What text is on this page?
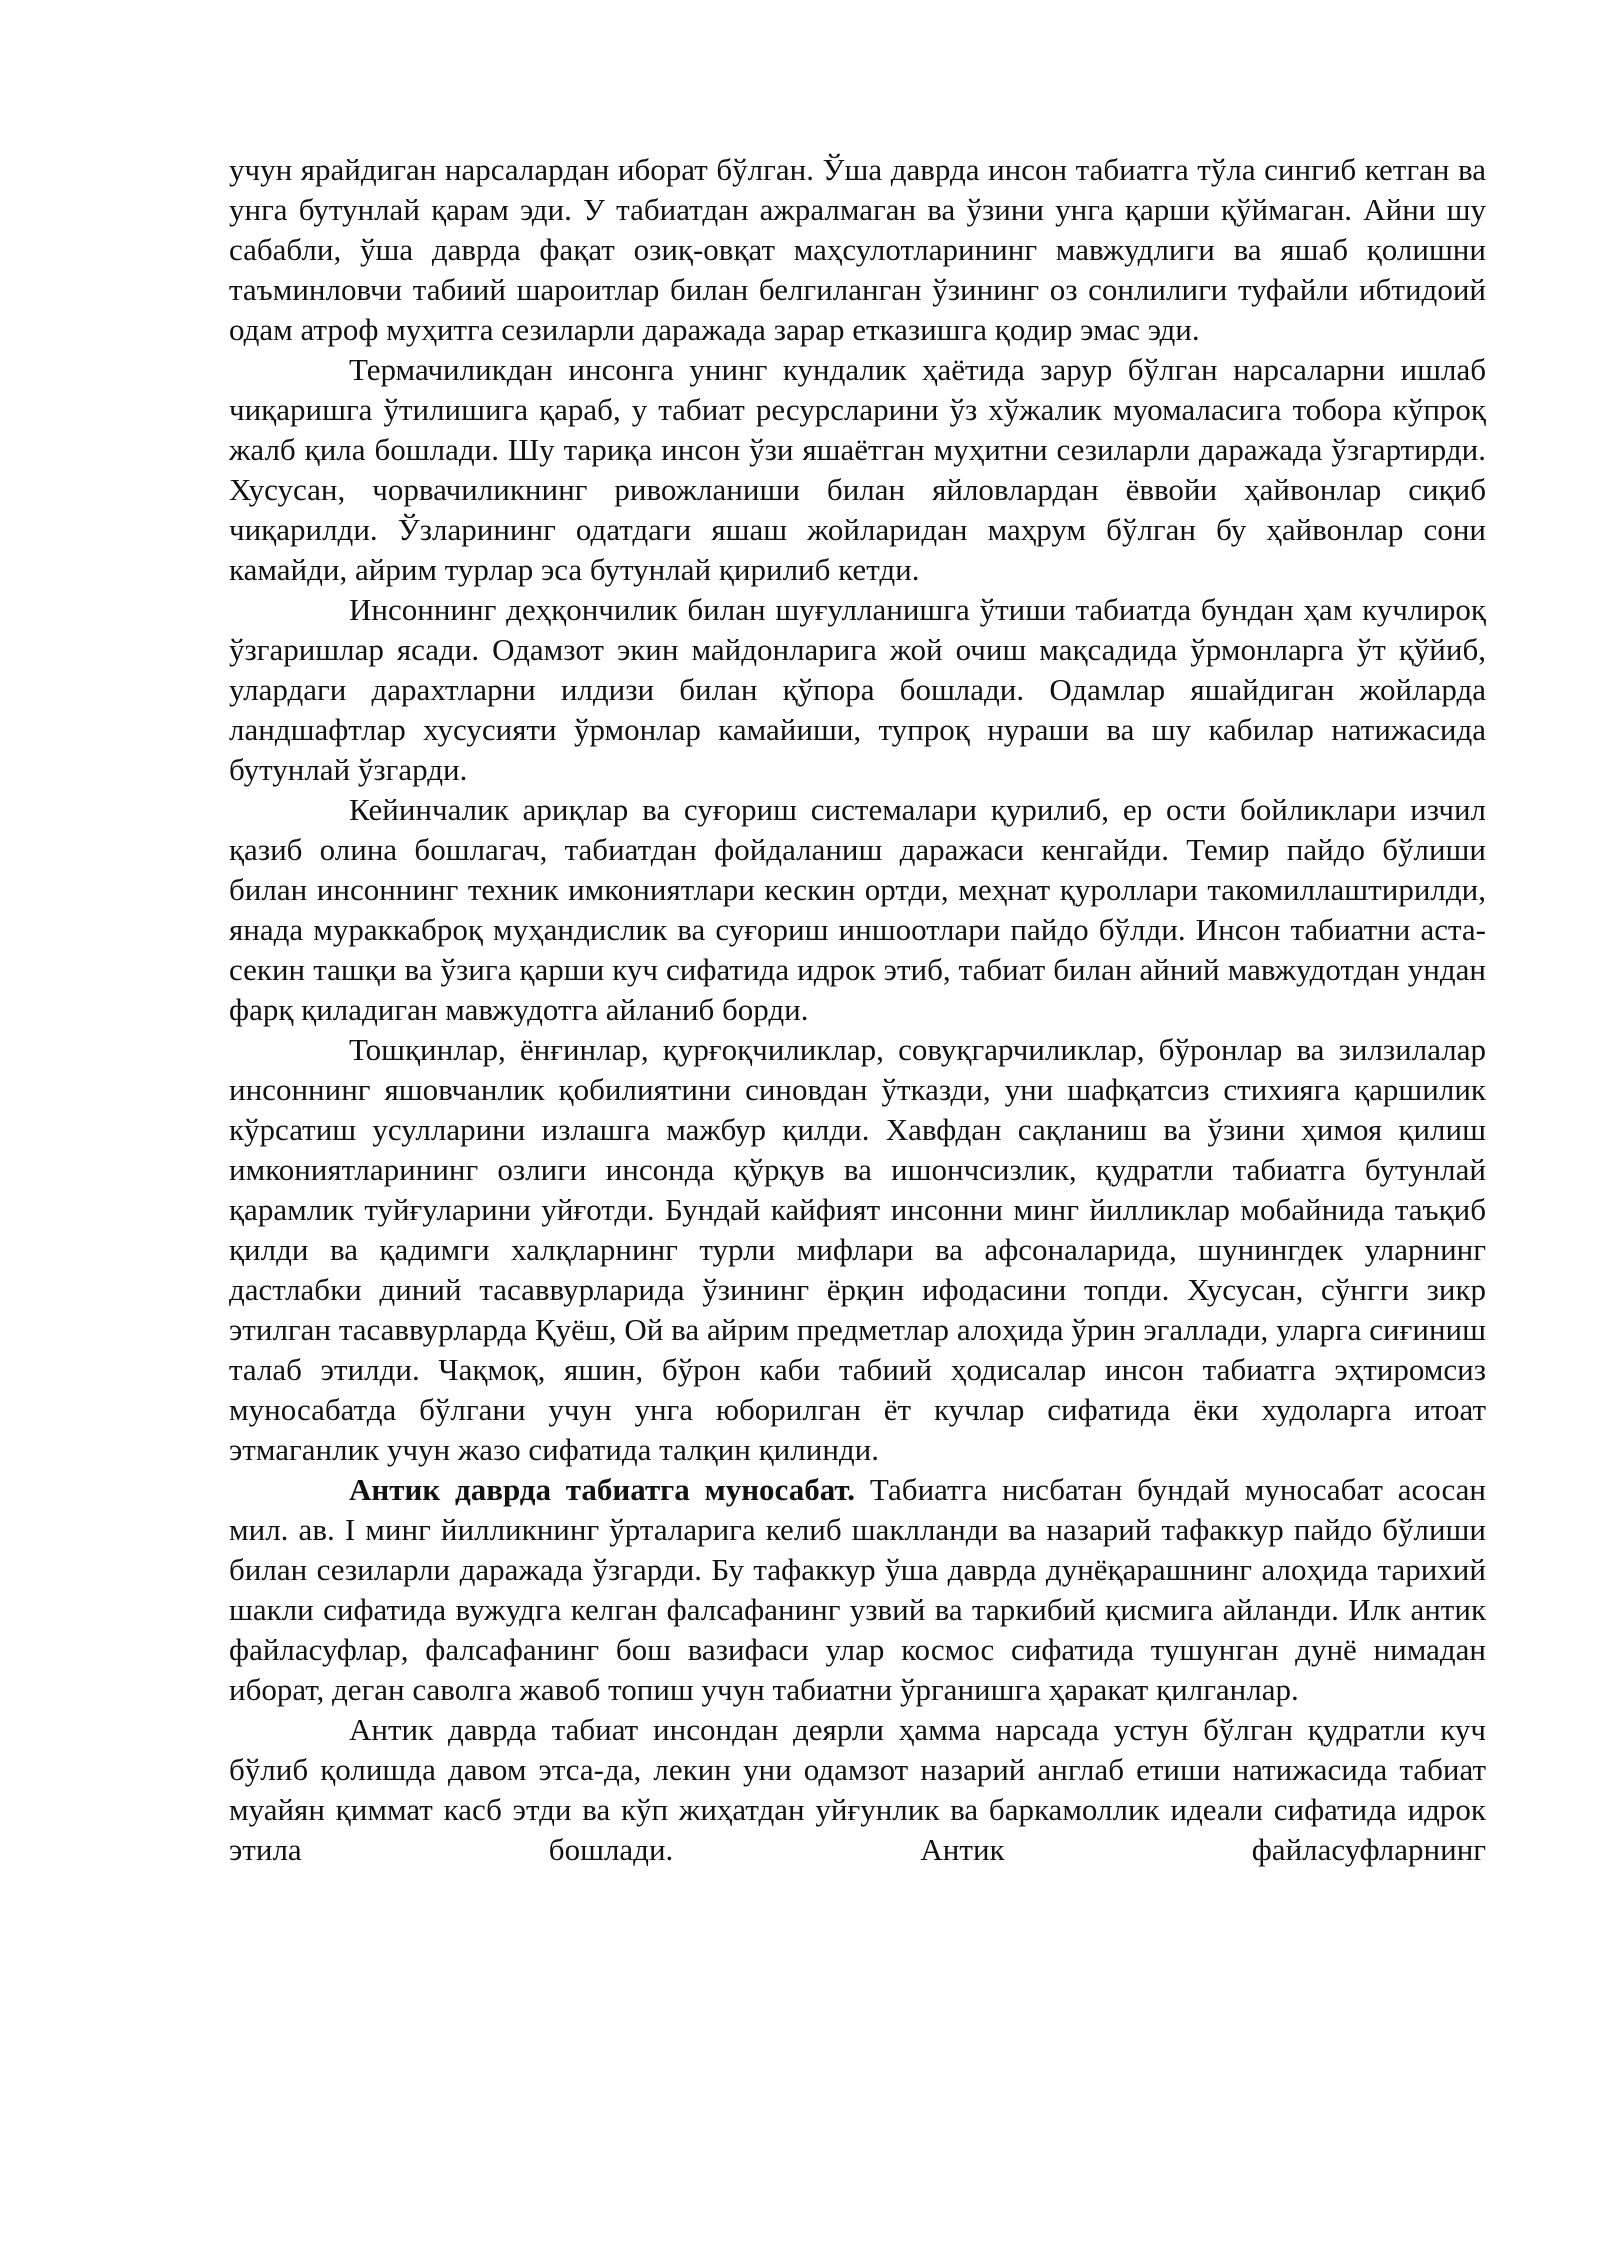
учун ярайдиган нарсалардан иборат бўлган. Ўша даврда инсон табиатга тўла сингиб кетган ва унга бутунлай қарам эди. У табиатдан ажралмаган ва ўзини унга қарши қўймаган. Айни шу сабабли, ўша даврда фақат озиқ-овқат маҳсулотларининг мавжудлиги ва яшаб қолишни таъминловчи табиий шароитлар билан белгиланган ўзининг оз сонлилиги туфайли ибтидоий одам атроф муҳитга сезиларли даражада зарар етказишга қодир эмас эди.

Термачиликдан инсонга унинг кундалик ҳаётида зарур бўлган нарсаларни ишлаб чиқаришга ўтилишига қараб, у табиат ресурсларини ўз хўжалик муомаласига тобора кўпроқ жалб қила бошлади. Шу тариқа инсон ўзи яшаётган муҳитни сезиларли даражада ўзгартирди. Хусусан, чорвачиликнинг ривожланиши билан яйловлардан ёввойи ҳайвонлар сиқиб чиқарилди. Ўзларининг одатдаги яшаш жойларидан маҳрум бўлган бу ҳайвонлар сони камайди, айрим турлар эса бутунлай қирилиб кетди.

Инсоннинг деҳқончилик билан шуғулланишга ўтиши табиатда бундан ҳам кучлироқ ўзгаришлар ясади. Одамзот экин майдонларига жой очиш мақсадида ўрмонларга ўт қўйиб, улардаги дарахтларни илдизи билан қўпора бошлади. Одамлар яшайдиган жойларда ландшафтлар хусусияти ўрмонлар камайиши, тупроқ нураши ва шу кабилар натижасида бутунлай ўзгарди.

Кейинчалик ариқлар ва суғориш системалари қурилиб, ер ости бойликлари изчил қазиб олина бошлагач, табиатдан фойдаланиш даражаси кенгайди. Темир пайдо бўлиши билан инсоннинг техник имкониятлари кескин ортди, меҳнат қуроллари такомиллаштирилди, янада мураккаброқ муҳандислик ва суғориш иншоотлари пайдо бўлди. Инсон табиатни аста-секин ташқи ва ўзига қарши куч сифатида идрок этиб, табиат билан айний мавжудотдан ундан фарқ қиладиган мавжудотга айланиб борди.

Тошқинлар, ёнғинлар, қурғоқчиликлар, совуқгарчиликлар, бўронлар ва зилзилалар инсоннинг яшовчанлик қобилиятини синовдан ўтказди, уни шафқатсиз стихияга қаршилик кўрсатиш усулларини излашга мажбур қилди. Хавфдан сақланиш ва ўзини ҳимоя қилиш имкониятларининг озлиги инсонда қўрқув ва ишончсизлик, қудратли табиатга бутунлай қарамлик туйғуларини уйғотди. Бундай кайфият инсонни минг йилликлар мобайнида таъқиб қилди ва қадимги халқларнинг турли мифлари ва афсоналарида, шунингдек уларнинг дастлабки диний тасаввурларида ўзининг ёрқин ифодасини топди. Хусусан, сўнгги зикр этилган тасаввурларда Қуёш, Ой ва айрим предметлар алоҳида ўрин эгаллади, уларга сиғиниш талаб этилди. Чақмоқ, яшин, бўрон каби табиий ҳодисалар инсон табиатга эҳтиромсиз муносабатда бўлгани учун унга юборилган ёт кучлар сифатида ёки худоларга итоат этмаганлик учун жазо сифатида талқин қилинди.

Антик даврда табиатга муносабат. Табиатга нисбатан бундай муносабат асосан мил. ав. I минг йилликнинг ўрталарига келиб шаклланди ва назарий тафаккур пайдо бўлиши билан сезиларли даражада ўзгарди. Бу тафаккур ўша даврда дунёқарашнинг алоҳида тарихий шакли сифатида вужудга келган фалсафанинг узвий ва таркибий қисмига айланди. Илк антик файласуфлар, фалсафанинг бош вазифаси улар космос сифатида тушунган дунё нимадан иборат, деган саволга жавоб топиш учун табиатни ўрганишга ҳаракат қилганлар.

Антик даврда табиат инсондан деярли ҳамма нарсада устун бўлган қудратли куч бўлиб қолишда давом этса-да, лекин уни одамзот назарий англаб етиши натижасида табиат муайян қиммат касб этди ва кўп жиҳатдан уйғунлик ва баркамоллик идеали сифатида идрок этила бошлади. Антик файласуфларнинг
